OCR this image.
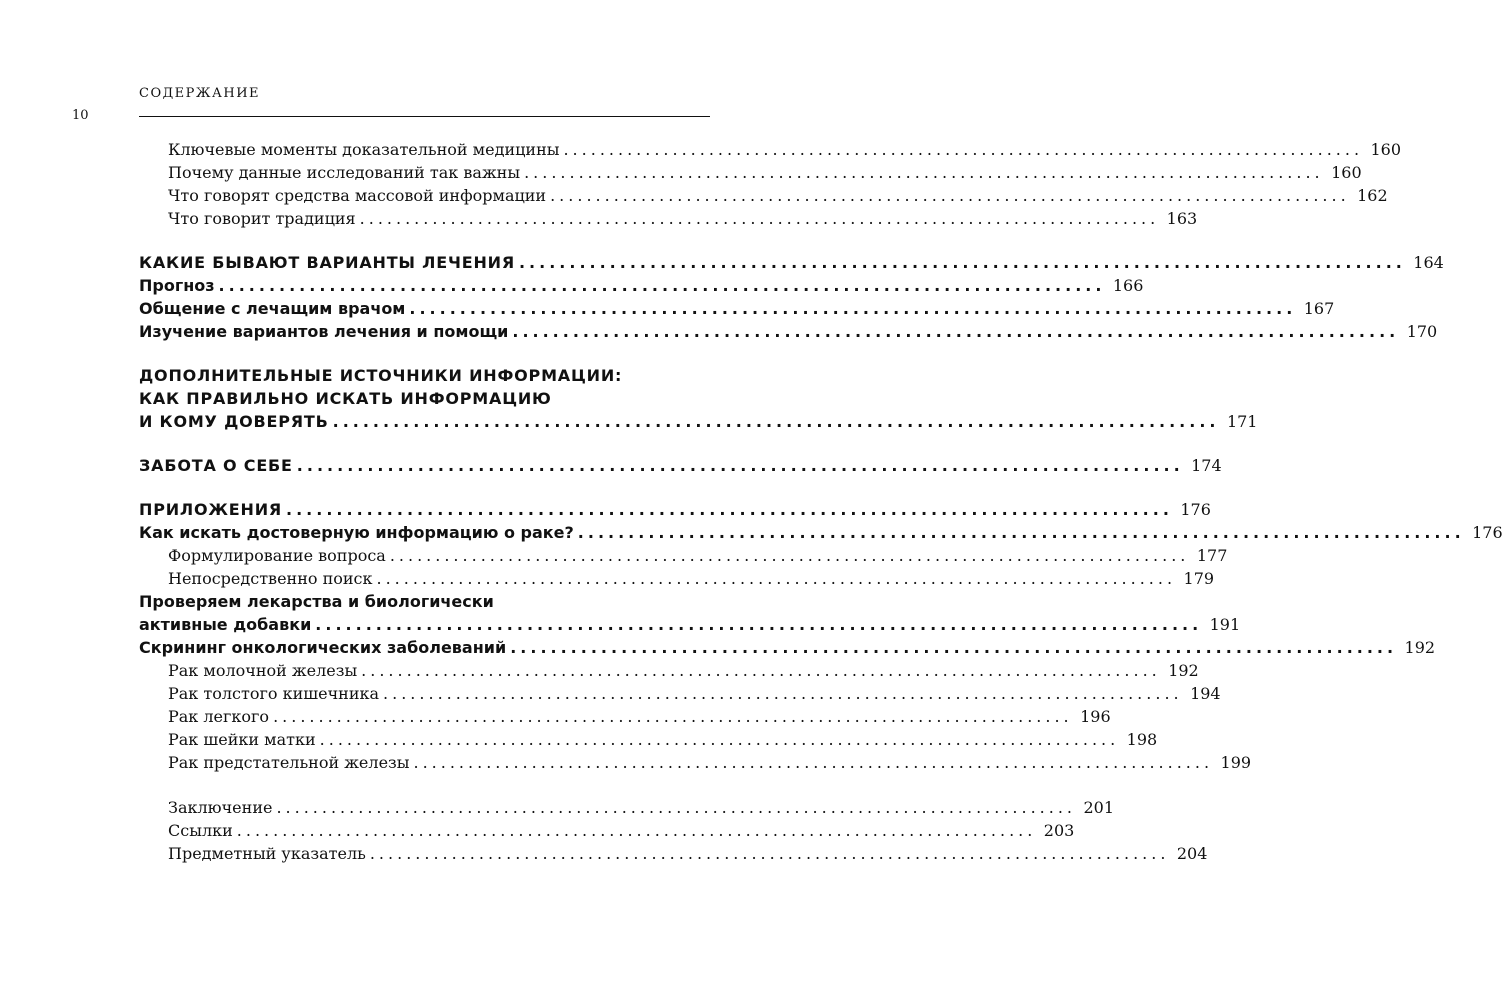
СОДЕРЖАНИЕ
10
Ключевые моменты доказательной медицины ........................................................................................ 160
Почему данные исследований так важны ........................................................................................ 160
Что говорят средства массовой информации ........................................................................................ 162
Что говорит традиция ........................................................................................ 163
КАКИЕ БЫВАЮТ ВАРИАНТЫ ЛЕЧЕНИЯ ........................................................................................ 164
Прогноз ........................................................................................ 166
Общение с лечащим врачом ........................................................................................ 167
Изучение вариантов лечения и помощи ........................................................................................ 170
ДОПОЛНИТЕЛЬНЫЕ ИСТОЧНИКИ ИНФОРМАЦИИ:
КАК ПРАВИЛЬНО ИСКАТЬ ИНФОРМАЦИЮ
И КОМУ ДОВЕРЯТЬ ........................................................................................ 171
ЗАБОТА О СЕБЕ ........................................................................................ 174
ПРИЛОЖЕНИЯ ........................................................................................ 176
Как искать достоверную информацию о раке? ........................................................................................ 176
Формулирование вопроса ........................................................................................ 177
Непосредственно поиск ........................................................................................ 179
Проверяем лекарства и биологически
активные добавки ........................................................................................ 191
Скрининг онкологических заболеваний ........................................................................................ 192
Рак молочной железы ........................................................................................ 192
Рак толстого кишечника ........................................................................................ 194
Рак легкого ........................................................................................ 196
Рак шейки матки ........................................................................................ 198
Рак предстательной железы ........................................................................................ 199
Заключение ........................................................................................ 201
Ссылки ........................................................................................ 203
Предметный указатель ........................................................................................ 204
